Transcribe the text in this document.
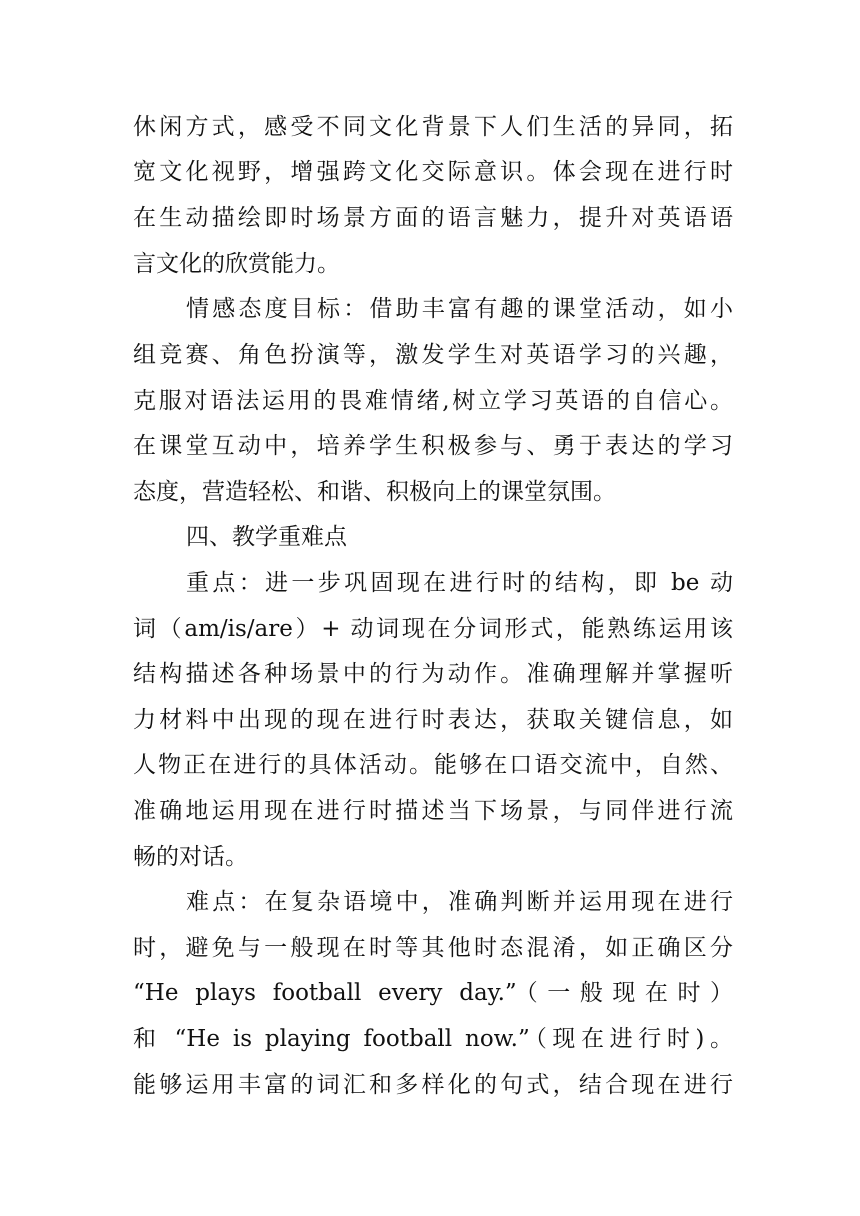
休闲方式，感受不同文化背景下人们生活的异同，拓
宽文化视野，增强跨文化交际意识。体会现在进行时
在生动描绘即时场景方面的语言魅力，提升对英语语
言文化的欣赏能力。
情感态度目标：借助丰富有趣的课堂活动，如小
组竞赛、角色扮演等，激发学生对英语学习的兴趣，
克服对语法运用的畏难情绪,树立学习英语的自信心。
在课堂互动中，培养学生积极参与、勇于表达的学习
态度，营造轻松、和谐、积极向上的课堂氛围。
四、教学重难点
重点：进一步巩固现在进行时的结构，即 be 动
词（am/is/are）+ 动词现在分词形式，能熟练运用该
结构描述各种场景中的行为动作。准确理解并掌握听
力材料中出现的现在进行时表达，获取关键信息，如
人物正在进行的具体活动。能够在口语交流中，自然、
准确地运用现在进行时描述当下场景，与同伴进行流
畅的对话。
难点：在复杂语境中，准确判断并运用现在进行
时，避免与一般现在时等其他时态混淆，如正确区分
“He plays football every day.”（一般现在时）
和 “He is playing football now.”（现在进行时)。
能够运用丰富的词汇和多样化的句式，结合现在进行
